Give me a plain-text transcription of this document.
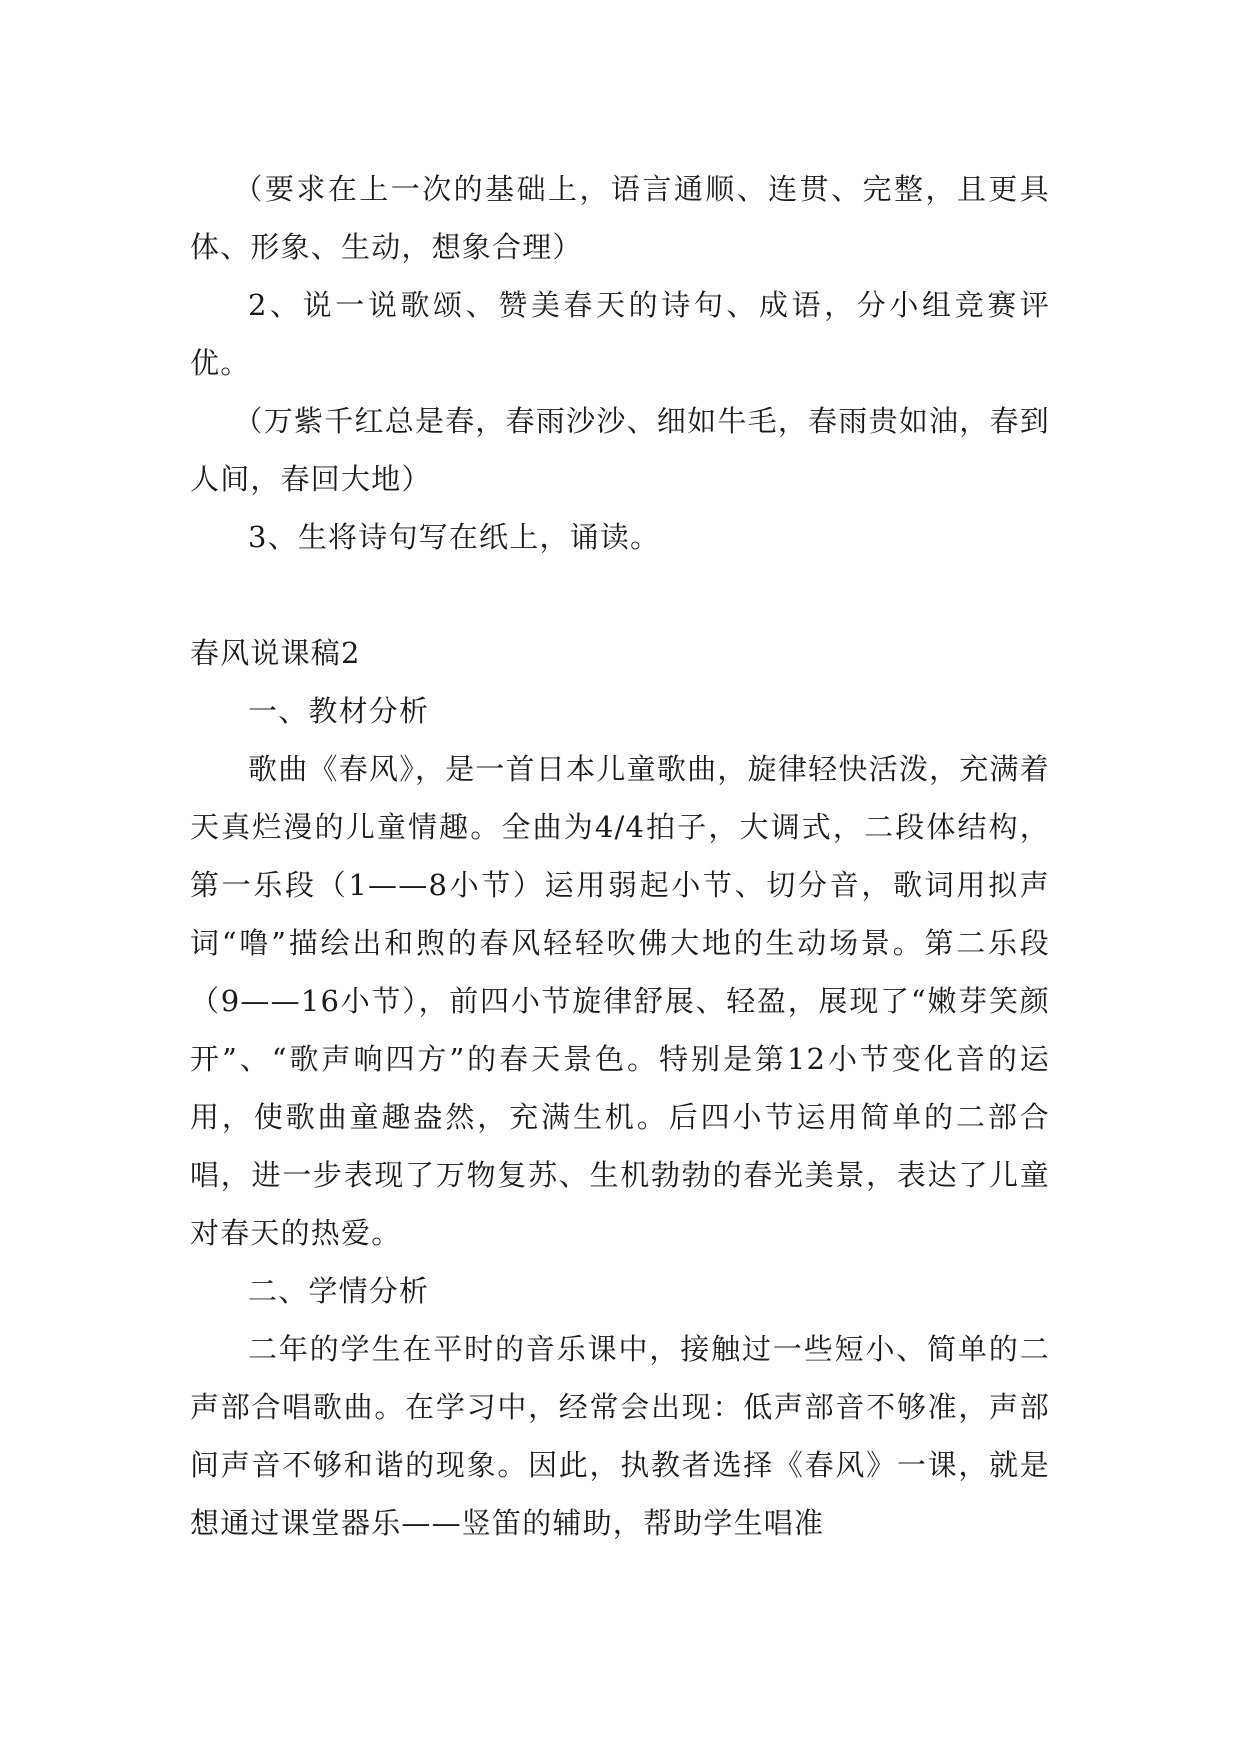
（要求在上一次的基础上，语言通顺、连贯、完整，且更具体、形象、生动，想象合理）

2、说一说歌颂、赞美春天的诗句、成语，分小组竞赛评优。

（万紫千红总是春，春雨沙沙、细如牛毛，春雨贵如油，春到人间，春回大地）

3、生将诗句写在纸上，诵读。

春风说课稿2

一、教材分析

歌曲《春风》，是一首日本儿童歌曲，旋律轻快活泼，充满着天真烂漫的儿童情趣。全曲为4/4拍子，大调式，二段体结构，第一乐段（1——8小节）运用弱起小节、切分音，歌词用拟声词“噜”描绘出和煦的春风轻轻吹佛大地的生动场景。第二乐段（9——16小节），前四小节旋律舒展、轻盈，展现了“嫩芽笑颜开”、“歌声响四方”的春天景色。特别是第12小节变化音的运用，使歌曲童趣盎然，充满生机。后四小节运用简单的二部合唱，进一步表现了万物复苏、生机勃勃的春光美景，表达了儿童对春天的热爱。

二、学情分析

二年的学生在平时的音乐课中，接触过一些短小、简单的二声部合唱歌曲。在学习中，经常会出现：低声部音不够准，声部间声音不够和谐的现象。因此，执教者选择《春风》一课，就是想通过课堂器乐——竖笛的辅助，帮助学生唱准
